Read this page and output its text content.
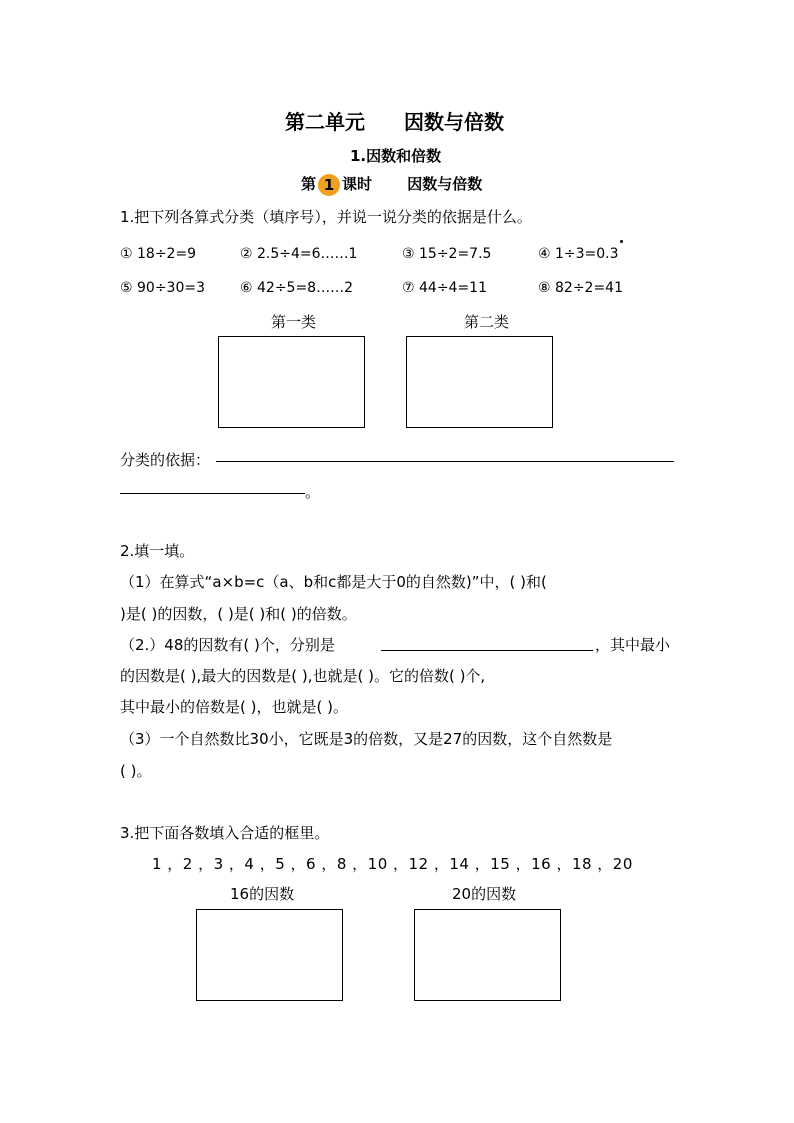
第二单元 因数与倍数
1.因数和倍数
第 1 课时 因数与倍数
1.把下列各算式分类（填序号），并说一说分类的依据是什么。
① 18÷2=9	② 2.5÷4=6……1	③ 15÷2=7.5	④ 1÷3=0.3
⑤ 90÷30=3	⑥ 42÷5=8……2	⑦ 44÷4=11	⑧ 82÷2=41
第一类	第二类
分类的依据：
。
2.填一填。
（1）在算式“a×b=c（a、b和c都是大于0的自然数)”中，( )和(
)是( )的因数，( )是( )和( )的倍数。
（2.）48的因数有( )个，分别是	，其中最小
的因数是( ),最大的因数是( ),也就是( )。它的倍数( )个,
其中最小的倍数是( )，也就是( )。
（3）一个自然数比30小，它既是3的倍数，又是27的因数，这个自然数是
( )。
3.把下面各数填入合适的框里。
1 ，2 ，3 ，4 ，5 ，6 ，8 ，10 ，12 ，14 ，15 ，16 ，18 ，20
16的因数	20的因数
